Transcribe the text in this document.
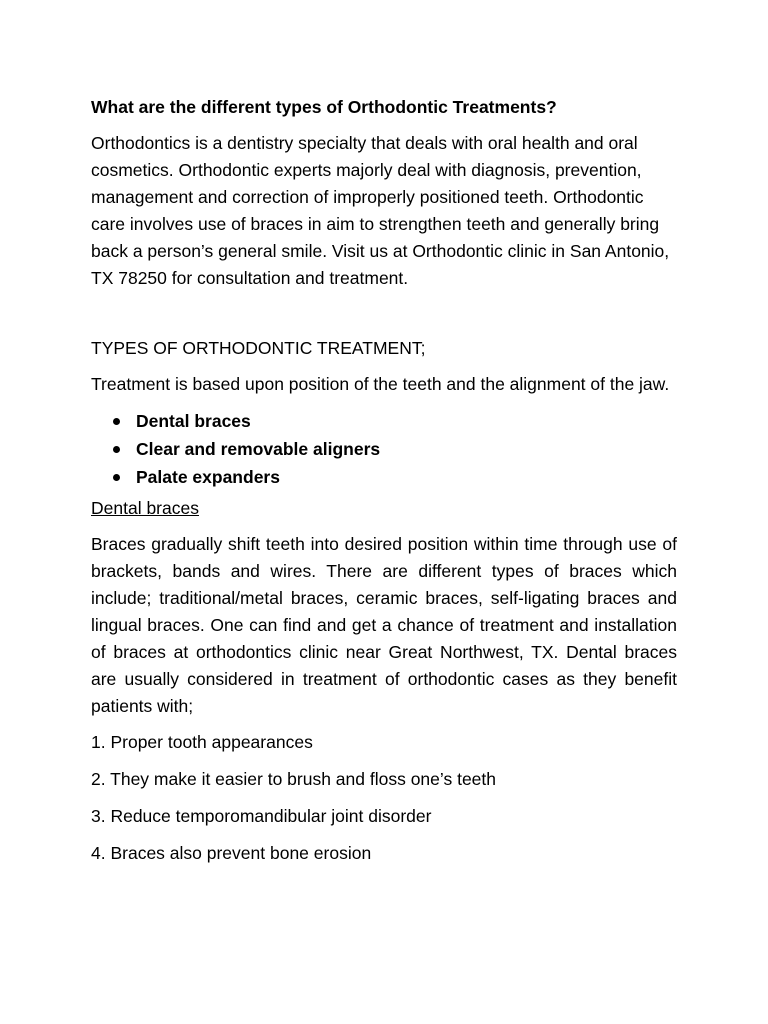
What are the different types of Orthodontic Treatments?

Orthodontics is a dentistry specialty that deals with oral health and oral cosmetics. Orthodontic experts majorly deal with diagnosis, prevention, management and correction of improperly positioned teeth. Orthodontic care involves use of braces in aim to strengthen teeth and generally bring back a person’s general smile. Visit us at Orthodontic clinic in San Antonio, TX 78250 for consultation and treatment.

TYPES OF ORTHODONTIC TREATMENT;

Treatment is based upon position of the teeth and the alignment of the jaw.

Dental braces
Clear and removable aligners
Palate expanders

Dental braces

Braces gradually shift teeth into desired position within time through use of brackets, bands and wires. There are different types of braces which include; traditional/metal braces, ceramic braces, self-ligating braces and lingual braces. One can find and get a chance of treatment and installation of braces at orthodontics clinic near Great Northwest, TX. Dental braces are usually considered in treatment of orthodontic cases as they benefit patients with;

1. Proper tooth appearances
2. They make it easier to brush and floss one’s teeth
3. Reduce temporomandibular joint disorder
4. Braces also prevent bone erosion
